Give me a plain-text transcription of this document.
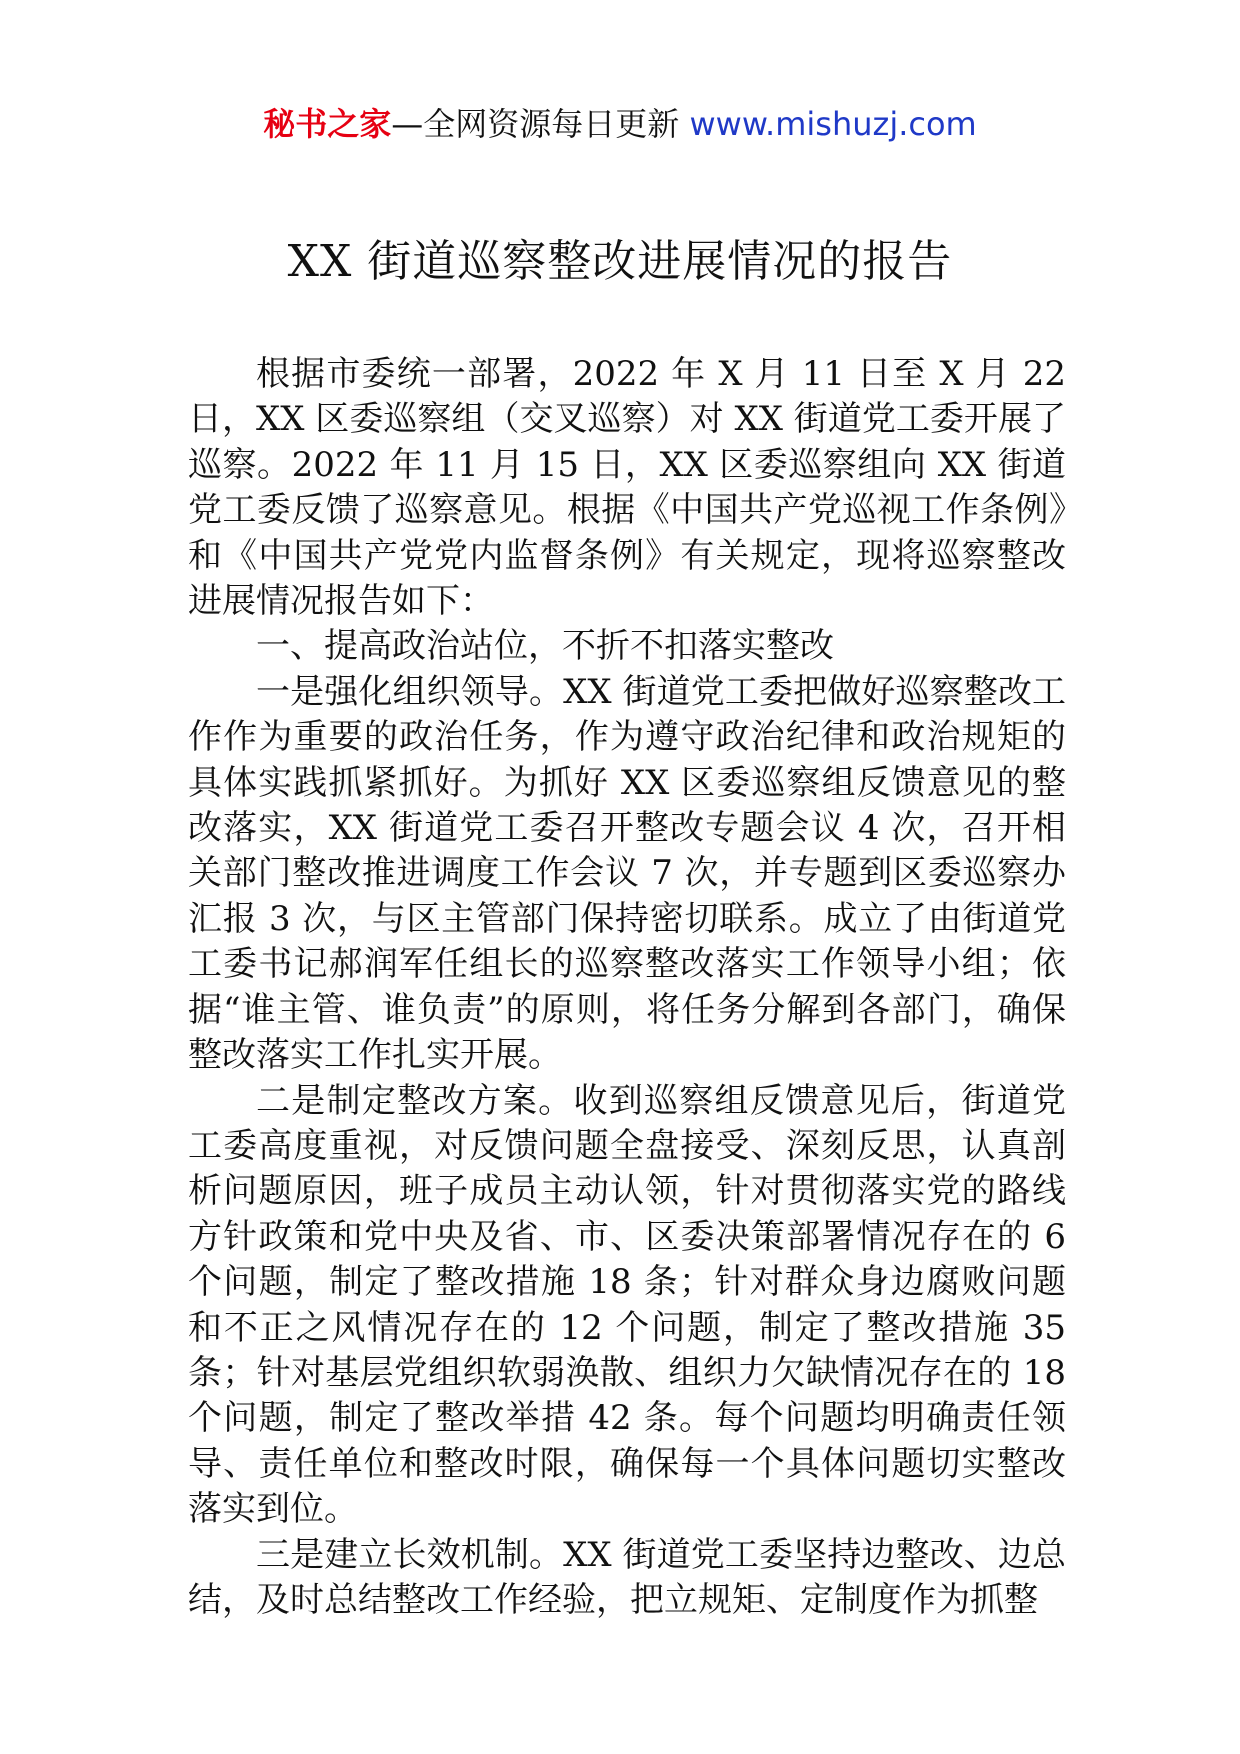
秘书之家—全网资源每日更新 www.mishuzj.com
XX 街道巡察整改进展情况的报告

根据市委统一部署，2022 年 X 月 11 日至 X 月 22 日，XX 区委巡察组（交叉巡察）对 XX 街道党工委开展了巡察。2022 年 11 月 15 日，XX 区委巡察组向 XX 街道党工委反馈了巡察意见。根据《中国共产党巡视工作条例》和《中国共产党党内监督条例》有关规定，现将巡察整改进展情况报告如下：

一、提高政治站位，不折不扣落实整改

一是强化组织领导。XX 街道党工委把做好巡察整改工作作为重要的政治任务，作为遵守政治纪律和政治规矩的具体实践抓紧抓好。为抓好 XX 区委巡察组反馈意见的整改落实，XX 街道党工委召开整改专题会议 4 次，召开相关部门整改推进调度工作会议 7 次，并专题到区委巡察办汇报 3 次，与区主管部门保持密切联系。成立了由街道党工委书记郝润军任组长的巡察整改落实工作领导小组；依据“谁主管、谁负责”的原则，将任务分解到各部门，确保整改落实工作扎实开展。

二是制定整改方案。收到巡察组反馈意见后，街道党工委高度重视，对反馈问题全盘接受、深刻反思，认真剖析问题原因，班子成员主动认领，针对贯彻落实党的路线方针政策和党中央及省、市、区委决策部署情况存在的 6 个问题，制定了整改措施 18 条；针对群众身边腐败问题和不正之风情况存在的 12 个问题，制定了整改措施 35 条；针对基层党组织软弱涣散、组织力欠缺情况存在的 18 个问题，制定了整改举措 42 条。每个问题均明确责任领导、责任单位和整改时限，确保每一个具体问题切实整改落实到位。

三是建立长效机制。XX 街道党工委坚持边整改、边总结，及时总结整改工作经验，把立规矩、定制度作为抓整
